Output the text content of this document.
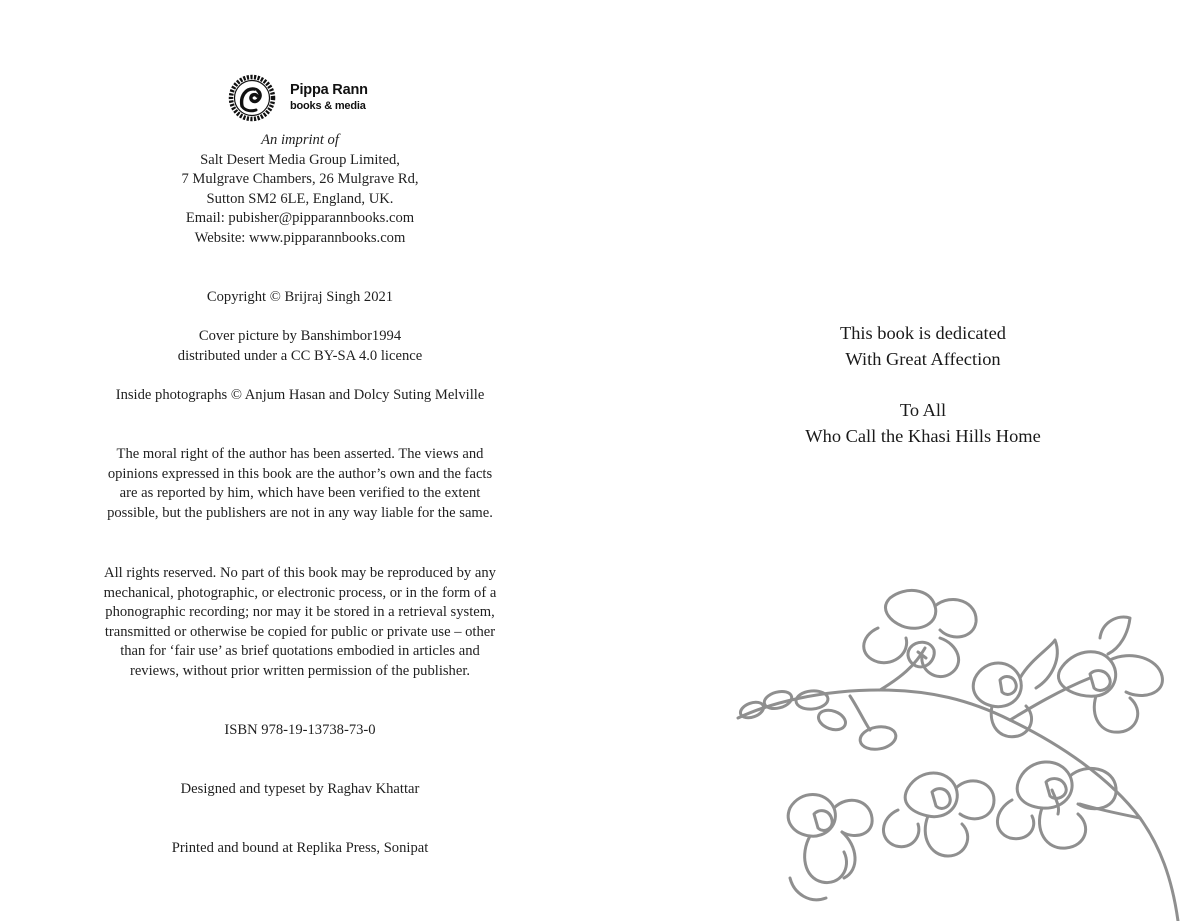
Pippa Rann
books & media
An imprint of
Salt Desert Media Group Limited,
7 Mulgrave Chambers, 26 Mulgrave Rd,
Sutton SM2 6LE, England, UK.
Email: pubisher@pipparannbooks.com
Website: www.pipparannbooks.com
Copyright © Brijraj Singh 2021
Cover picture by Banshimbor1994
distributed under a CC BY-SA 4.0 licence
Inside photographs © Anjum Hasan and Dolcy Suting Melville
The moral right of the author has been asserted. The views and
opinions expressed in this book are the author’s own and the facts
are as reported by him, which have been verified to the extent
possible, but the publishers are not in any way liable for the same.
All rights reserved. No part of this book may be reproduced by any
mechanical, photographic, or electronic process, or in the form of a
phonographic recording; nor may it be stored in a retrieval system,
transmitted or otherwise be copied for public or private use – other
than for ‘fair use’ as brief quotations embodied in articles and
reviews, without prior written permission of the publisher.
ISBN 978-19-13738-73-0
Designed and typeset by Raghav Khattar
Printed and bound at Replika Press, Sonipat
This book is dedicated
With Great Affection
To All
Who Call the Khasi Hills Home
